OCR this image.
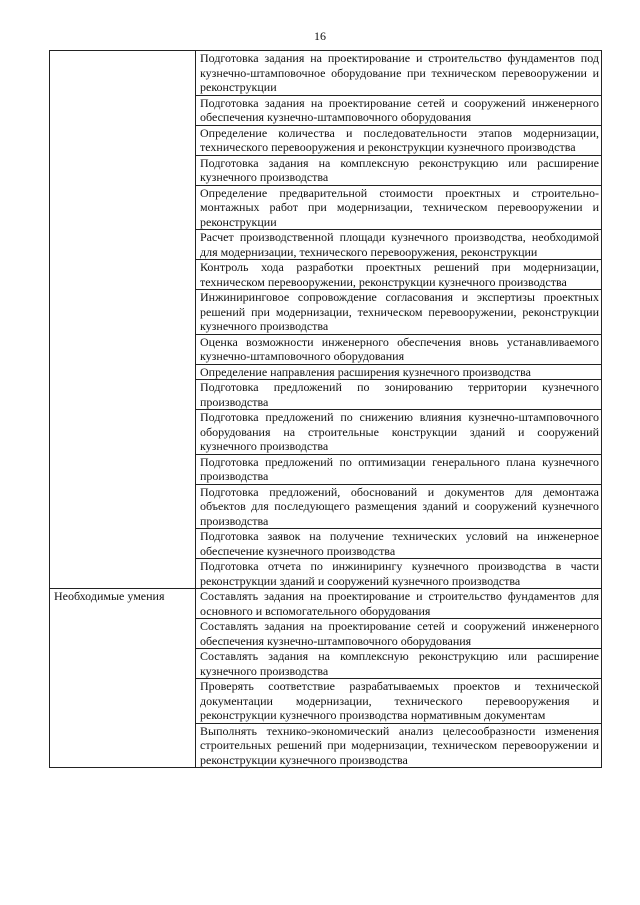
16

	Подготовка задания на проектирование и строительство фундаментов под кузнечно-штамповочное оборудование при техническом перевооружении и реконструкции

	Подготовка задания на проектирование сетей и сооружений инженерного обеспечения кузнечно-штамповочного оборудования

	Определение количества и последовательности этапов модернизации, технического перевооружения и реконструкции кузнечного производства

	Подготовка задания на комплексную реконструкцию или расширение кузнечного производства

	Определение предварительной стоимости проектных и строительно-монтажных работ при модернизации, техническом перевооружении и реконструкции

	Расчет производственной площади кузнечного производства, необходимой для модернизации, технического перевооружения, реконструкции

	Контроль хода разработки проектных решений при модернизации, техническом перевооружении, реконструкции кузнечного производства

	Инжиниринговое сопровождение согласования и экспертизы проектных решений при модернизации, техническом перевооружении, реконструкции кузнечного производства

	Оценка возможности инженерного обеспечения вновь устанавливаемого кузнечно-штамповочного оборудования

	Определение направления расширения кузнечного производства

	Подготовка предложений по зонированию территории кузнечного производства

	Подготовка предложений по снижению влияния кузнечно-штамповочного оборудования на строительные конструкции зданий и сооружений кузнечного производства

	Подготовка предложений по оптимизации генерального плана кузнечного производства

	Подготовка предложений, обоснований и документов для демонтажа объектов для последующего размещения зданий и сооружений кузнечного производства

	Подготовка заявок на получение технических условий на инженерное обеспечение кузнечного производства

	Подготовка отчета по инжинирингу кузнечного производства в части реконструкции зданий и сооружений кузнечного производства

Необходимые умения	Составлять задания на проектирование и строительство фундаментов для основного и вспомогательного оборудования

	Составлять задания на проектирование сетей и сооружений инженерного обеспечения кузнечно-штамповочного оборудования

	Составлять задания на комплексную реконструкцию или расширение кузнечного производства

	Проверять соответствие разрабатываемых проектов и технической документации модернизации, технического перевооружения и реконструкции кузнечного производства нормативным документам

	Выполнять технико-экономический анализ целесообразности изменения строительных решений при модернизации, техническом перевооружении и реконструкции кузнечного производства
